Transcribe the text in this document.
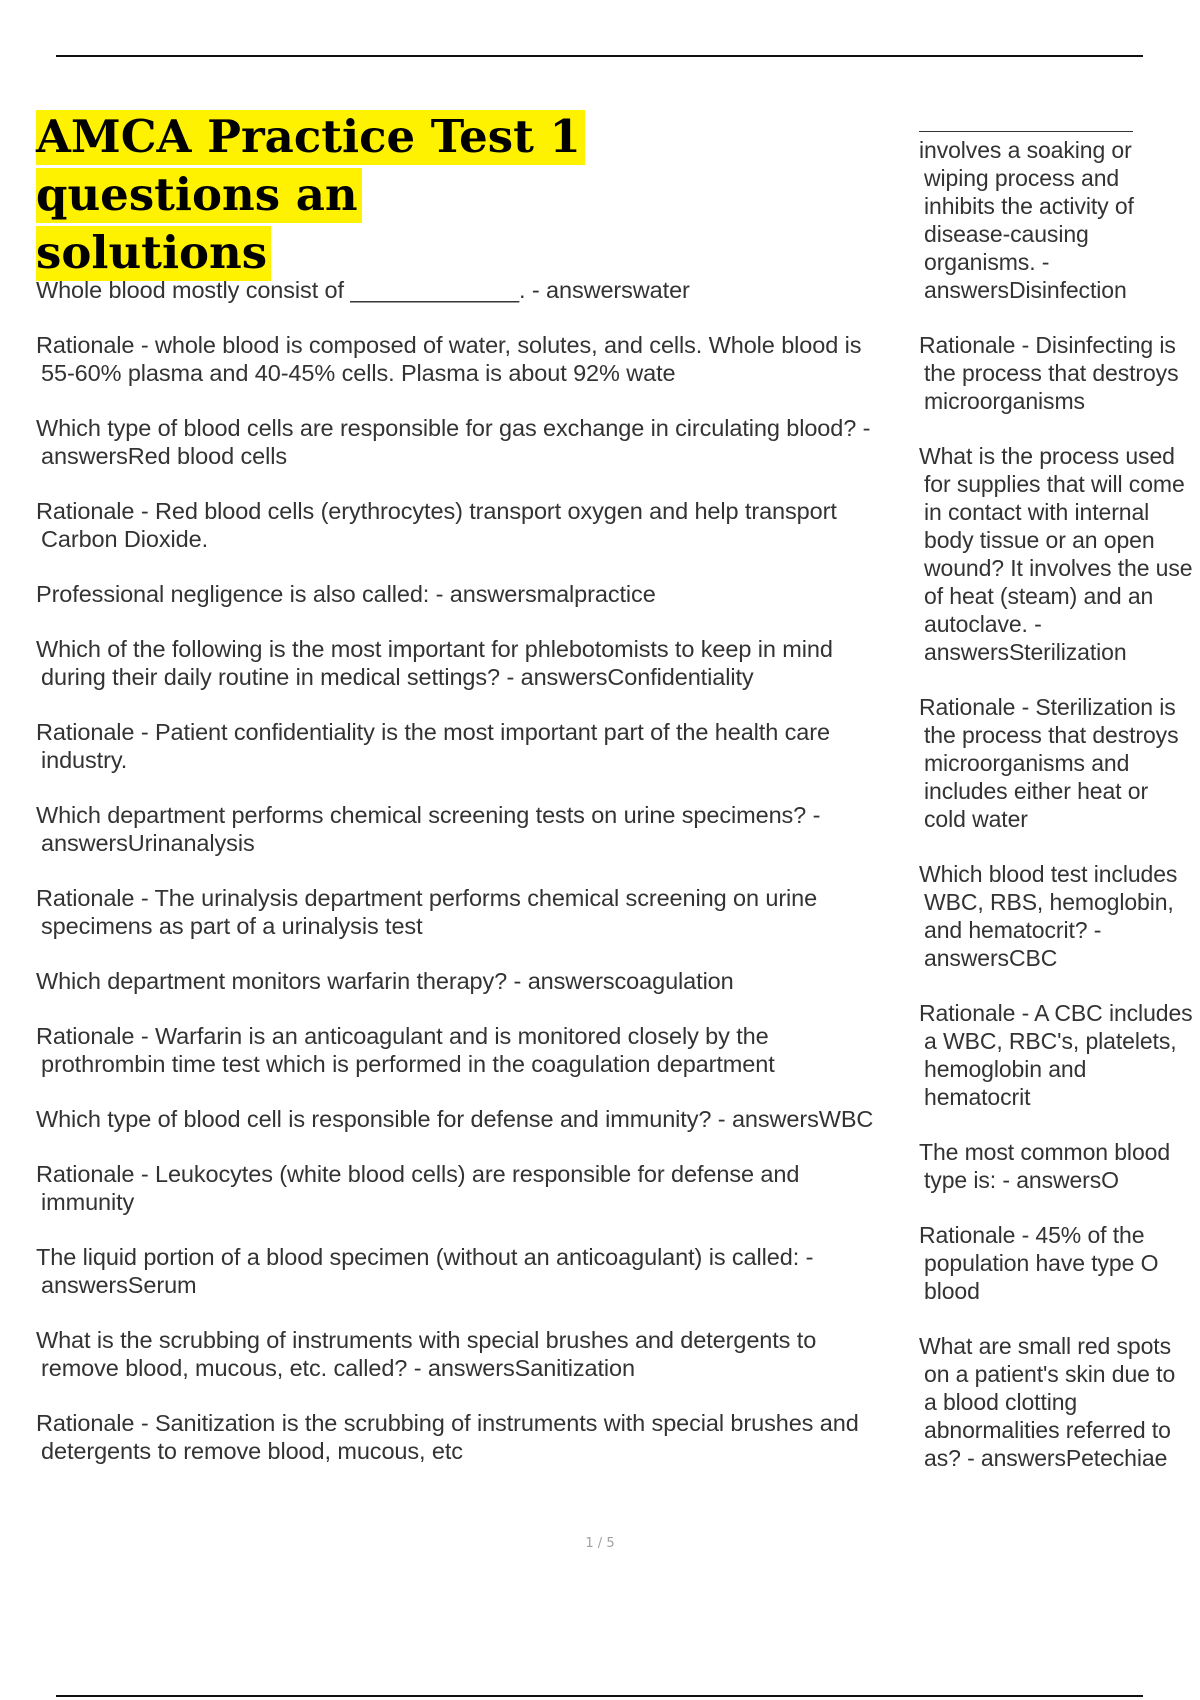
AMCA Practice Test 1 questions an
solutions

Whole blood mostly consist of _____________. - answerswater

Rationale - whole blood is composed of water, solutes, and cells. Whole blood is 55-60% plasma and 40-45% cells. Plasma is about 92% wate

Which type of blood cells are responsible for gas exchange in circulating blood? - answersRed blood cells

Rationale - Red blood cells (erythrocytes) transport oxygen and help transport Carbon Dioxide.

Professional negligence is also called: - answersmalpractice

Which of the following is the most important for phlebotomists to keep in mind during their daily routine in medical settings? - answersConfidentiality

Rationale - Patient confidentiality is the most important part of the health care industry.

Which department performs chemical screening tests on urine specimens? - answersUrinanalysis

Rationale - The urinalysis department performs chemical screening on urine specimens as part of a urinalysis test

Which department monitors warfarin therapy? - answerscoagulation

Rationale - Warfarin is an anticoagulant and is monitored closely by the prothrombin time test which is performed in the coagulation department

Which type of blood cell is responsible for defense and immunity? - answersWBC

Rationale - Leukocytes (white blood cells) are responsible for defense and immunity

The liquid portion of a blood specimen (without an anticoagulant) is called: - answersSerum

What is the scrubbing of instruments with special brushes and detergents to remove blood, mucous, etc. called? - answersSanitization

Rationale - Sanitization is the scrubbing of instruments with special brushes and detergents to remove blood, mucous, etc

involves a soaking or wiping process and inhibits the activity of disease-causing organisms. - answersDisinfection

Rationale - Disinfecting is the process that destroys microorganisms

What is the process used for supplies that will come in contact with internal body tissue or an open wound? It involves the use of heat (steam) and an autoclave. - answersSterilization

Rationale - Sterilization is the process that destroys microorganisms and includes either heat or cold water

Which blood test includes WBC, RBS, hemoglobin, and hematocrit? - answersCBC

Rationale - A CBC includes a WBC, RBC's, platelets, hemoglobin and hematocrit

The most common blood type is: - answersO

Rationale - 45% of the population have type O blood

What are small red spots on a patient's skin due to a blood clotting abnormalities referred to as? - answersPetechiae

1 / 5
